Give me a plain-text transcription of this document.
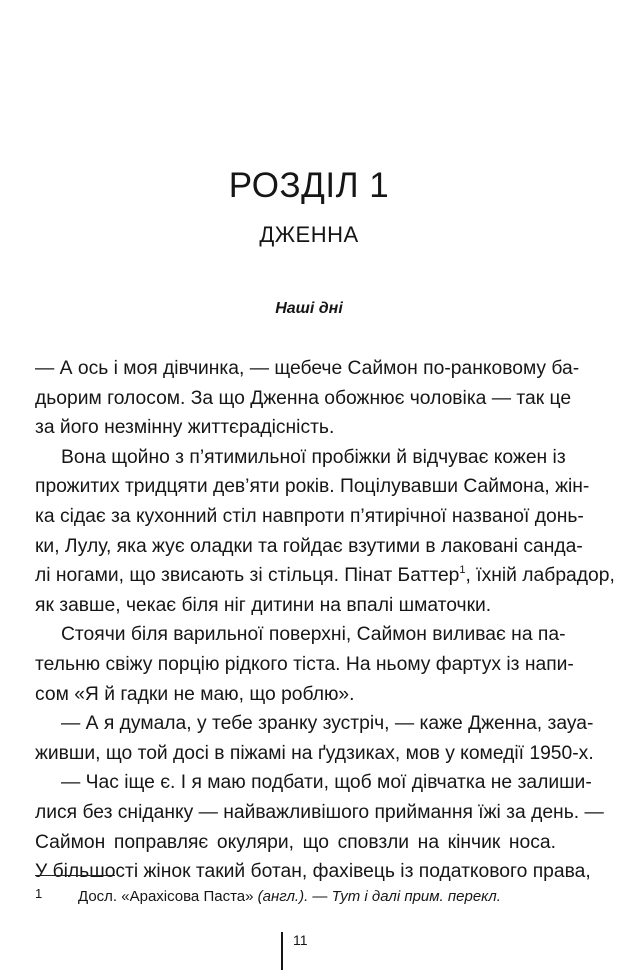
РОЗДІЛ 1
ДЖЕННА
Наші дні
— А ось і моя дівчинка, — щебече Саймон по-ранковому ба-
дьорим голосом. За що Дженна обожнює чоловіка — так це
за його незмінну життєрадісність.
Вона щойно з п’ятимильної пробіжки й відчуває кожен із
прожитих тридцяти дев’яти років. Поцілувавши Саймона, жін-
ка сідає за кухонний стіл навпроти п’ятирічної названої донь-
ки, Лулу, яка жує оладки та гойдає взутими в лаковані санда-
лі ногами, що звисають зі стільця. Пінат Баттер$^1$, їхній лабрадор,
як завше, чекає біля ніг дитини на впалі шматочки.
Стоячи біля варильної поверхні, Саймон виливає на па-
тельню свіжу порцію рідкого тіста. На ньому фартух із напи-
сом «Я й гадки не маю, що роблю».
— А я думала, у тебе зранку зустріч, — каже Дженна, зауа-
живши, що той досі в піжамі на ґудзиках, мов у комедії 1950-х.
— Час іще є. І я маю подбати, щоб мої дівчатка не залиши-
лися без сніданку — найважливішого приймання їжі за день. —
Саймон поправляє окуляри, що сповзли на кінчик носа.
У більшості жінок такий ботан, фахівець із податкового права,
1 Досл. «Арахісова Паста» (англ.). — Тут і далі прим. перекл.
11
